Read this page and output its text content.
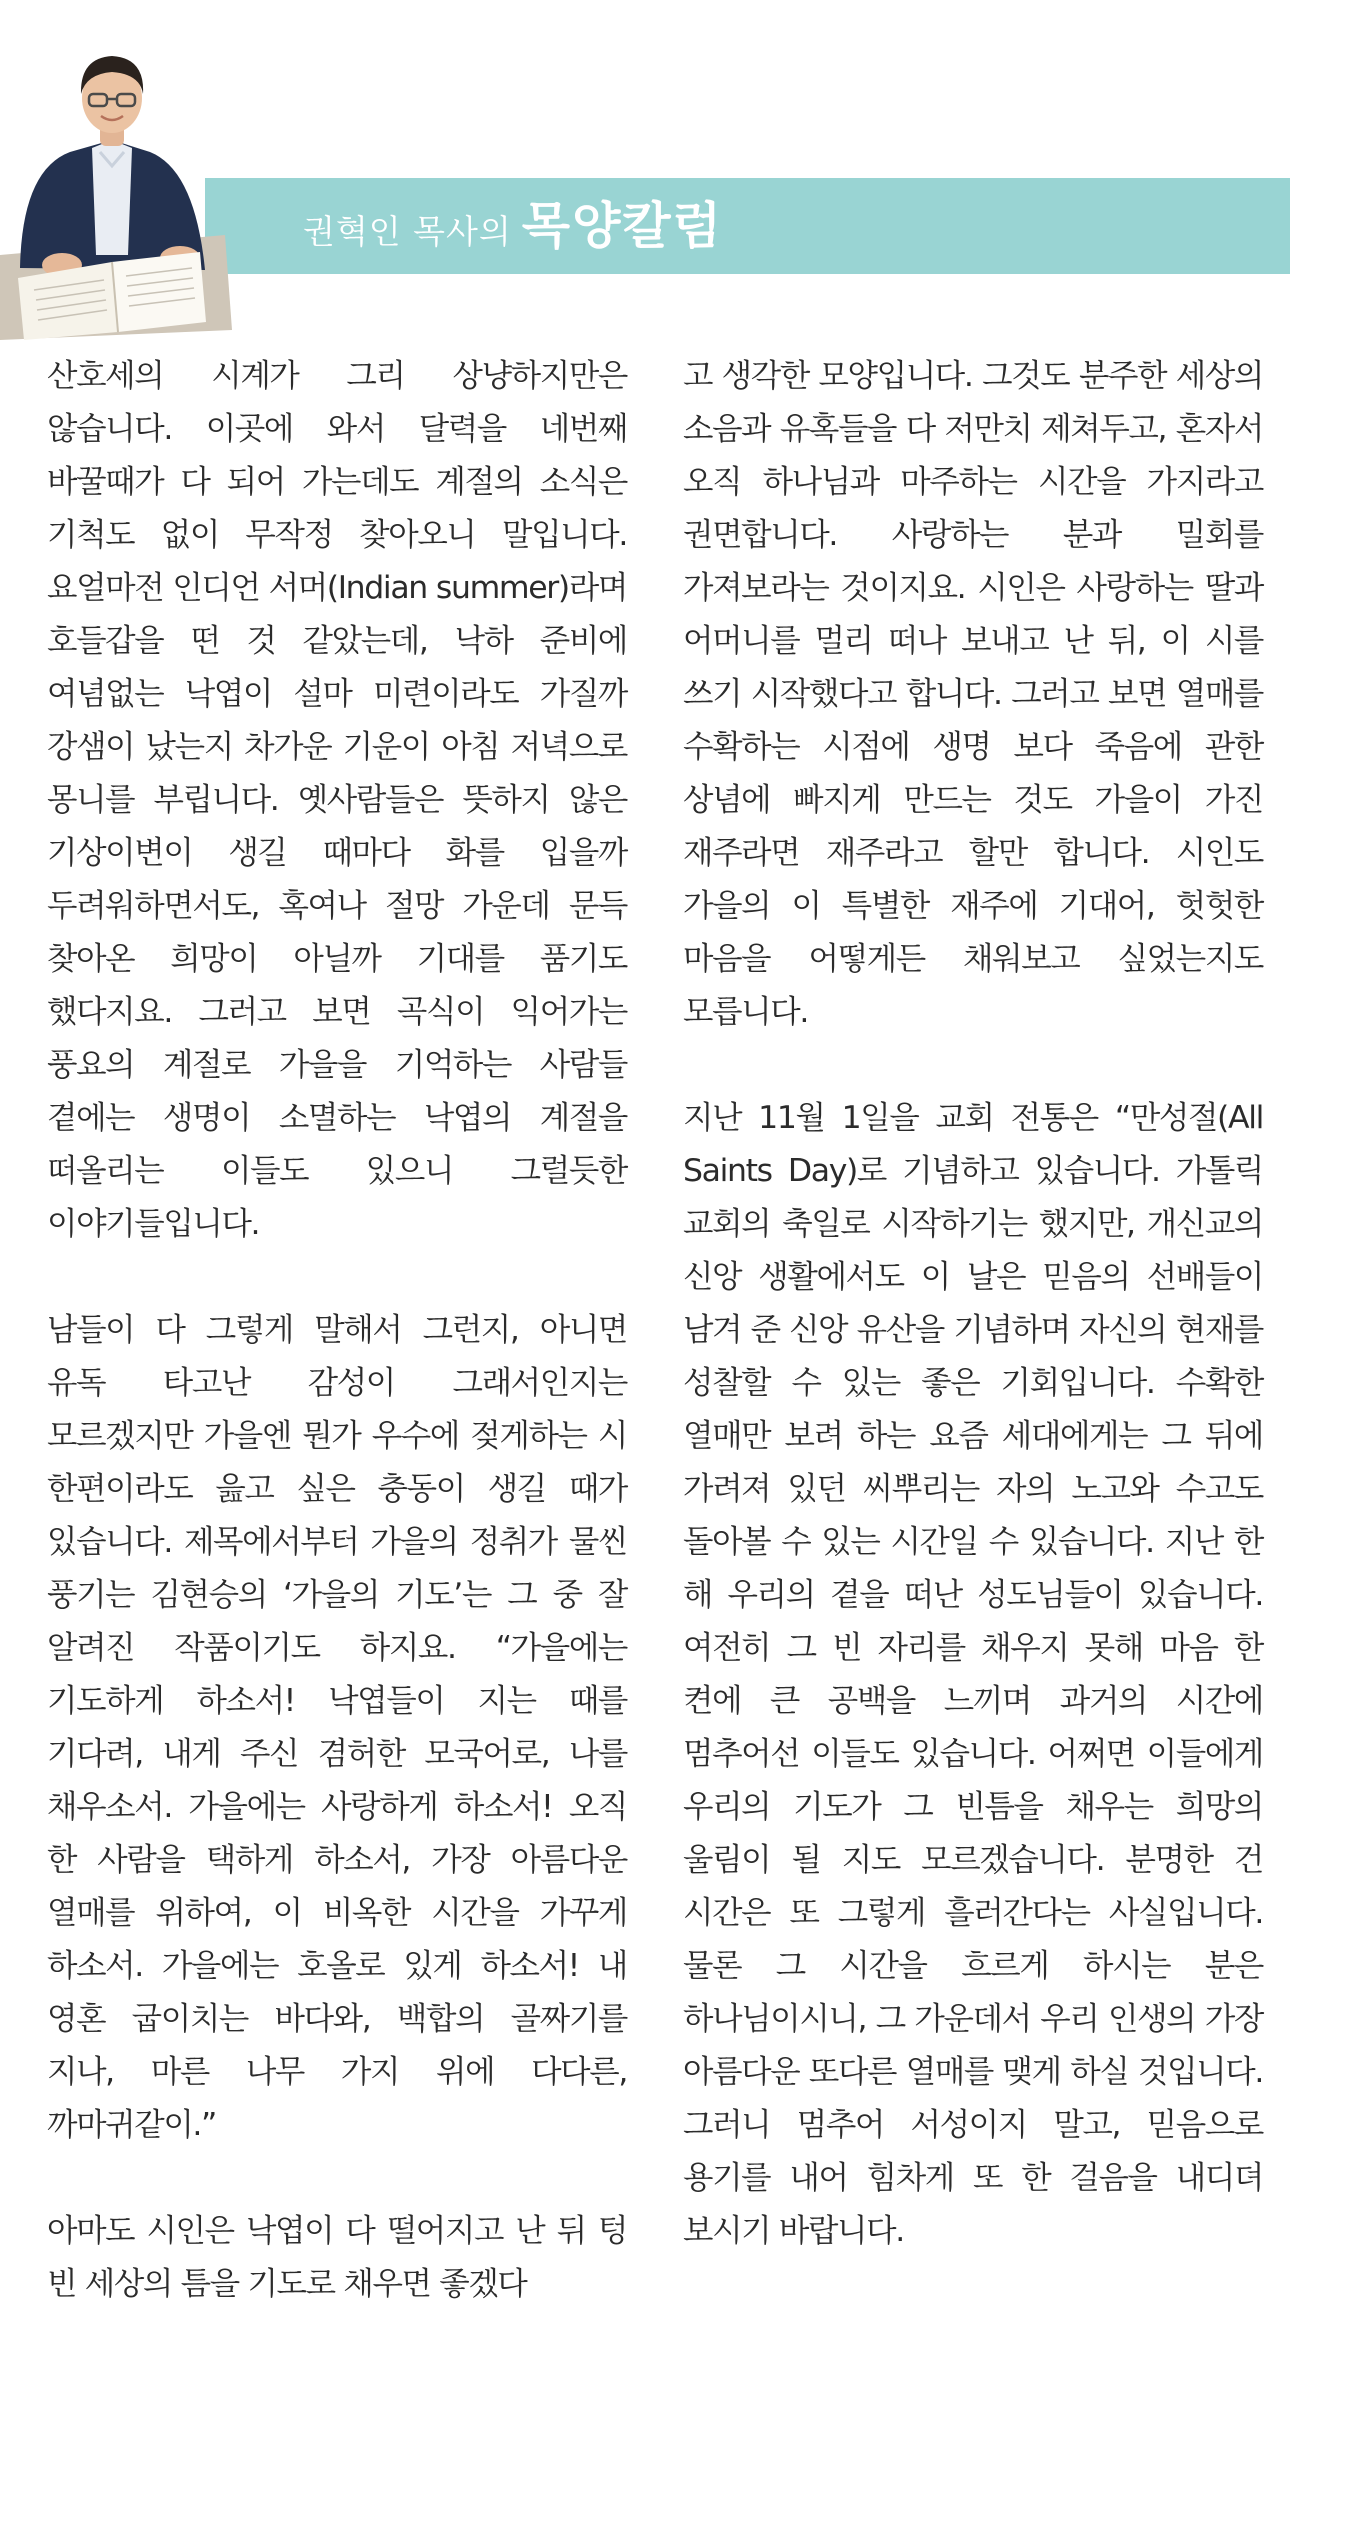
권혁인 목사의 목양칼럼

산호세의 시계가 그리 상냥하지만은 않습니다. 이곳에 와서 달력을 네번째 바꿀때가 다 되어 가는데도 계절의 소식은 기척도 없이 무작정 찾아오니 말입니다. 요얼마전 인디언 서머(Indian summer)라며 호들갑을 떤 것 같았는데, 낙하 준비에 여념없는 낙엽이 설마 미련이라도 가질까 강샘이 났는지 차가운 기운이 아침 저녁으로 몽니를 부립니다. 옛사람들은 뜻하지 않은 기상이변이 생길 때마다 화를 입을까 두려워하면서도, 혹여나 절망 가운데 문득 찾아온 희망이 아닐까 기대를 품기도 했다지요. 그러고 보면 곡식이 익어가는 풍요의 계절로 가을을 기억하는 사람들 곁에는 생명이 소멸하는 낙엽의 계절을 떠올리는 이들도 있으니 그럴듯한 이야기들입니다.

남들이 다 그렇게 말해서 그런지, 아니면 유독 타고난 감성이 그래서인지는 모르겠지만 가을엔 뭔가 우수에 젖게하는 시 한편이라도 읊고 싶은 충동이 생길 때가 있습니다. 제목에서부터 가을의 정취가 물씬 풍기는 김현승의 ‘가을의 기도’는 그 중 잘 알려진 작품이기도 하지요. “가을에는 기도하게 하소서! 낙엽들이 지는 때를 기다려, 내게 주신 겸허한 모국어로, 나를 채우소서. 가을에는 사랑하게 하소서! 오직 한 사람을 택하게 하소서, 가장 아름다운 열매를 위하여, 이 비옥한 시간을 가꾸게 하소서. 가을에는 호올로 있게 하소서! 내 영혼 굽이치는 바다와, 백합의 골짜기를 지나, 마른 나무 가지 위에 다다른, 까마귀같이.”

아마도 시인은 낙엽이 다 떨어지고 난 뒤 텅 빈 세상의 틈을 기도로 채우면 좋겠다

고 생각한 모양입니다. 그것도 분주한 세상의 소음과 유혹들을 다 저만치 제쳐두고, 혼자서 오직 하나님과 마주하는 시간을 가지라고 권면합니다. 사랑하는 분과 밀회를 가져보라는 것이지요. 시인은 사랑하는 딸과 어머니를 멀리 떠나 보내고 난 뒤, 이 시를 쓰기 시작했다고 합니다. 그러고 보면 열매를 수확하는 시점에 생명 보다 죽음에 관한 상념에 빠지게 만드는 것도 가을이 가진 재주라면 재주라고 할만 합니다. 시인도 가을의 이 특별한 재주에 기대어, 헛헛한 마음을 어떻게든 채워보고 싶었는지도 모릅니다.

지난 11월 1일을 교회 전통은 “만성절(All Saints Day)로 기념하고 있습니다. 가톨릭 교회의 축일로 시작하기는 했지만, 개신교의 신앙 생활에서도 이 날은 믿음의 선배들이 남겨 준 신앙 유산을 기념하며 자신의 현재를 성찰할 수 있는 좋은 기회입니다. 수확한 열매만 보려 하는 요즘 세대에게는 그 뒤에 가려져 있던 씨뿌리는 자의 노고와 수고도 돌아볼 수 있는 시간일 수 있습니다. 지난 한 해 우리의 곁을 떠난 성도님들이 있습니다. 여전히 그 빈 자리를 채우지 못해 마음 한 켠에 큰 공백을 느끼며 과거의 시간에 멈추어선 이들도 있습니다. 어쩌면 이들에게 우리의 기도가 그 빈틈을 채우는 희망의 울림이 될 지도 모르겠습니다. 분명한 건 시간은 또 그렇게 흘러간다는 사실입니다. 물론 그 시간을 흐르게 하시는 분은 하나님이시니, 그 가운데서 우리 인생의 가장 아름다운 또다른 열매를 맺게 하실 것입니다. 그러니 멈추어 서성이지 말고, 믿음으로 용기를 내어 힘차게 또 한 걸음을 내디뎌 보시기 바랍니다.
